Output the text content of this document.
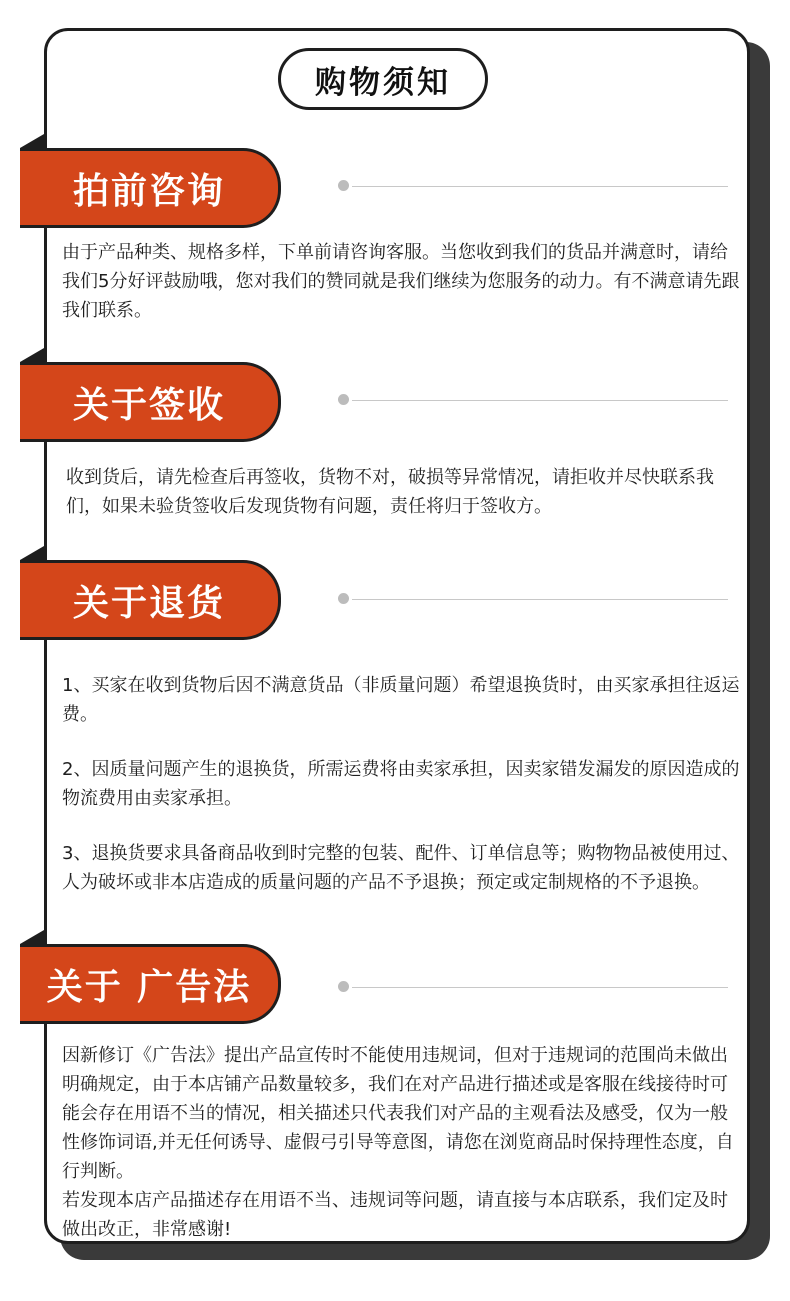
购物须知
拍前咨询

由于产品种类、规格多样，下单前请咨询客服。当您收到我们的货品并满意时，请给我们5分好评鼓励哦，您对我们的赞同就是我们继续为您服务的动力。有不满意请先跟我们联系。

关于签收

收到货后，请先检查后再签收，货物不对，破损等异常情况，请拒收并尽快联系我们，如果未验货签收后发现货物有问题，责任将归于签收方。

关于退货

1、买家在收到货物后因不满意货品（非质量问题）希望退换货时，由买家承担往返运费。

2、因质量问题产生的退换货，所需运费将由卖家承担，因卖家错发漏发的原因造成的物流费用由卖家承担。

3、退换货要求具备商品收到时完整的包装、配件、订单信息等；购物物品被使用过、人为破坏或非本店造成的质量问题的产品不予退换；预定或定制规格的不予退换。

关于 广告法

因新修订《广告法》提出产品宣传时不能使用违规词，但对于违规词的范围尚未做出明确规定，由于本店铺产品数量较多，我们在对产品进行描述或是客服在线接待时可能会存在用语不当的情况，相关描述只代表我们对产品的主观看法及感受，仅为一般性修饰词语,并无任何诱导、虚假弓引导等意图，请您在浏览商品时保持理性态度，自行判断。

若发现本店产品描述存在用语不当、违规词等问题，请直接与本店联系，我们定及时做出改正，非常感谢!
